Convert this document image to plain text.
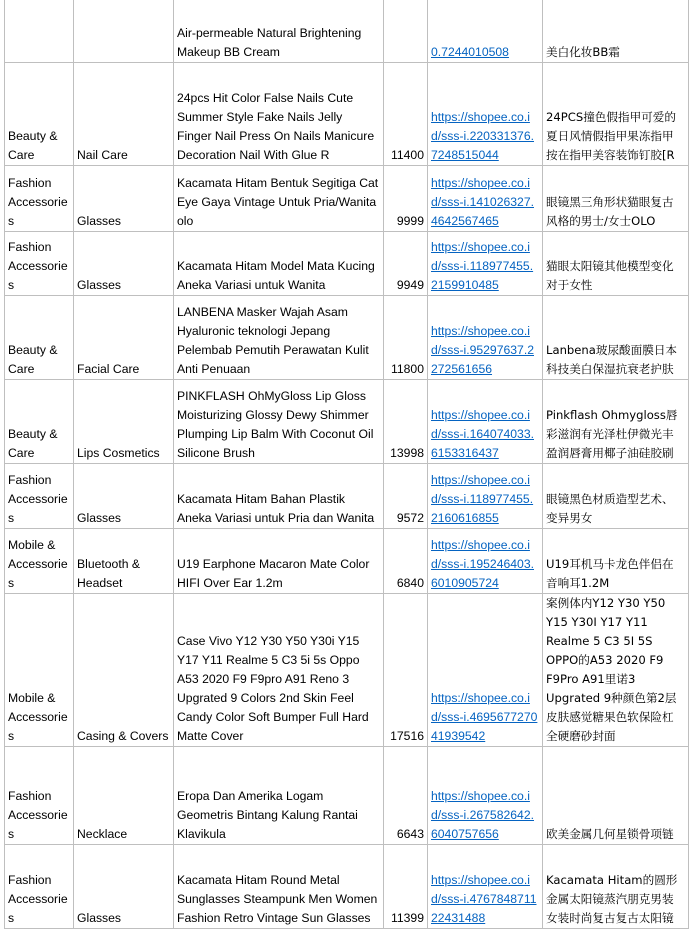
		Air-permeable Natural Brightening Makeup BB Cream		0.7244010508	美白化妆BB霜
Beauty & Care	Nail Care	24pcs Hit Color False Nails Cute Summer Style Fake Nails Jelly Finger Nail Press On Nails Manicure Decoration Nail With Glue R	11400	https://shopee.co.id/sss-i.220331376.7248515044	24PCS撞色假指甲可爱的夏日风情假指甲果冻指甲按在指甲美容装饰钉胶[R
Fashion Accessories	Glasses	Kacamata Hitam Bentuk Segitiga Cat Eye Gaya Vintage Untuk Pria/Wanita olo	9999	https://shopee.co.id/sss-i.141026327.4642567465	眼镜黑三角形状猫眼复古风格的男士/女士OLO
Fashion Accessories	Glasses	Kacamata Hitam Model Mata Kucing Aneka Variasi untuk Wanita	9949	https://shopee.co.id/sss-i.118977455.2159910485	猫眼太阳镜其他模型变化对于女性
Beauty & Care	Facial Care	LANBENA Masker Wajah Asam Hyaluronic teknologi Jepang Pelembab Pemutih Perawatan Kulit Anti Penuaan	11800	https://shopee.co.id/sss-i.95297637.2272561656	Lanbena玻尿酸面膜日本科技美白保湿抗衰老护肤
Beauty & Care	Lips Cosmetics	PINKFLASH OhMyGloss Lip Gloss Moisturizing Glossy Dewy Shimmer Plumping Lip Balm With Coconut Oil Silicone Brush	13998	https://shopee.co.id/sss-i.164074033.6153316437	Pinkflash Ohmygloss唇彩滋润有光泽杜伊微光丰盈润唇膏用椰子油硅胶刷
Fashion Accessories	Glasses	Kacamata Hitam Bahan Plastik Aneka Variasi untuk Pria dan Wanita	9572	https://shopee.co.id/sss-i.118977455.2160616855	眼镜黑色材质造型艺术、变异男女
Mobile & Accessories	Bluetooth & Headset	U19 Earphone Macaron Mate Color HIFI Over Ear 1.2m	6840	https://shopee.co.id/sss-i.195246403.6010905724	U19耳机马卡龙色伴侣在音响耳1.2M
Mobile & Accessories	Casing & Covers	Case Vivo Y12 Y30 Y50 Y30i Y15 Y17 Y11 Realme 5 C3 5i 5s Oppo A53 2020 F9 F9pro A91 Reno 3 Upgrated 9 Colors 2nd Skin Feel Candy Color Soft Bumper Full Hard Matte Cover	17516	https://shopee.co.id/sss-i.469567727041939542	案例体内Y12 Y30 Y50 Y15 Y30I Y17 Y11 Realme 5 C3 5I 5S OPPO的A53 2020 F9 F9Pro A91里诺3 Upgrated 9种颜色第2层皮肤感觉糖果色软保险杠全硬磨砂封面
Fashion Accessories	Necklace	Eropa Dan Amerika Logam Geometris Bintang Kalung Rantai Klavikula	6643	https://shopee.co.id/sss-i.267582642.6040757656	欧美金属几何星锁骨项链
Fashion Accessories	Glasses	Kacamata Hitam Round Metal Sunglasses Steampunk Men Women Fashion Retro Vintage Sun Glasses	11399	https://shopee.co.id/sss-i.476784871122431488	Kacamata Hitam的圆形金属太阳镜蒸汽朋克男装女装时尚复古复古太阳镜
